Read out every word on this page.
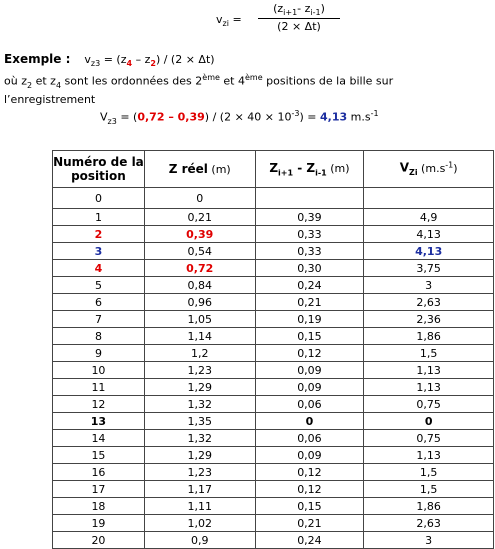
$v_{zi} = \frac{(z_{i+1}- z_{i-1})}{(2 \times \Delta t)}$
Exemple : $v_{z3} = (z_4 - z_2) / (2 \times \Delta t)$
où $z_2$ et $z_4$ sont les ordonnées des 2ème et 4ème positions de la bille sur
l’enregistrement
$V_{z3} = (0,72 - 0,39) / (2 \times 40 \times 10^{-3}) = 4,13$ $m.s^{-1}$
Numéro de la position	Z réel (m)	$Z_{i+1} - Z_{i-1}$ (m)	$V_{Zi}$ $(m.s^{-1})$
0	0		
1	0,21	0,39	4,9
2	0,39	0,33	4,13
3	0,54	0,33	4,13
4	0,72	0,30	3,75
5	0,84	0,24	3
6	0,96	0,21	2,63
7	1,05	0,19	2,36
8	1,14	0,15	1,86
9	1,2	0,12	1,5
10	1,23	0,09	1,13
11	1,29	0,09	1,13
12	1,32	0,06	0,75
13	1,35	0	0
14	1,32	0,06	0,75
15	1,29	0,09	1,13
16	1,23	0,12	1,5
17	1,17	0,12	1,5
18	1,11	0,15	1,86
19	1,02	0,21	2,63
20	0,9	0,24	3
